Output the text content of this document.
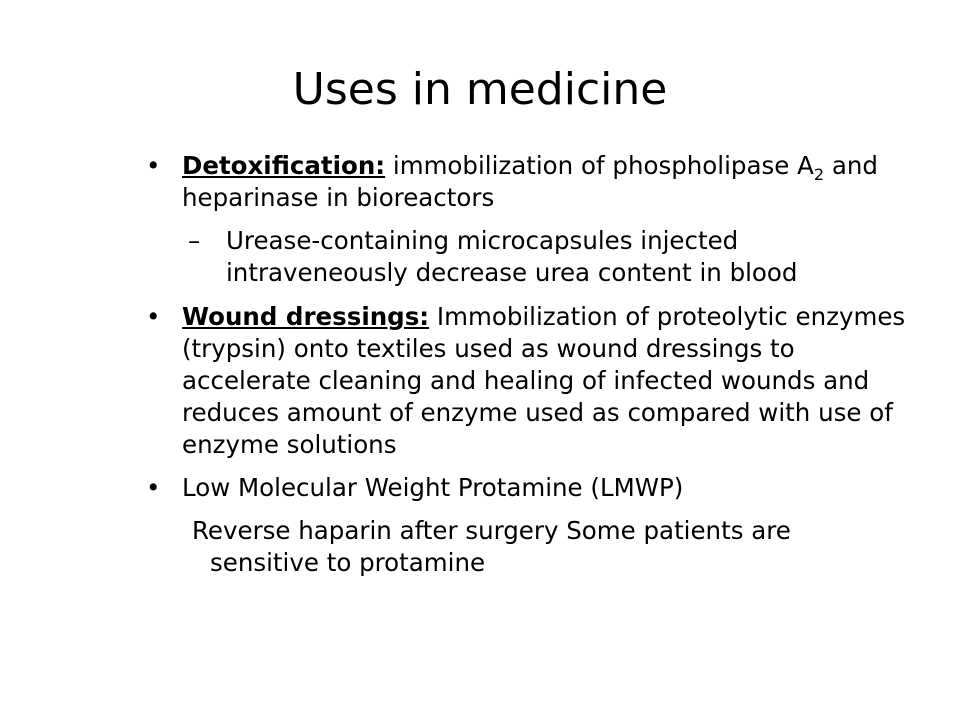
Uses in medicine
• Detoxification: immobilization of phospholipase $A_2$ and heparinase in bioreactors
– Urease-containing microcapsules injected intraveneously decrease urea content in blood
• Wound dressings: Immobilization of proteolytic enzymes (trypsin) onto textiles used as wound dressings to accelerate cleaning and healing of infected wounds and reduces amount of enzyme used as compared with use of enzyme solutions
• Low Molecular Weight Protamine (LMWP)
Reverse haparin after surgery Some patients are
sensitive to protamine
